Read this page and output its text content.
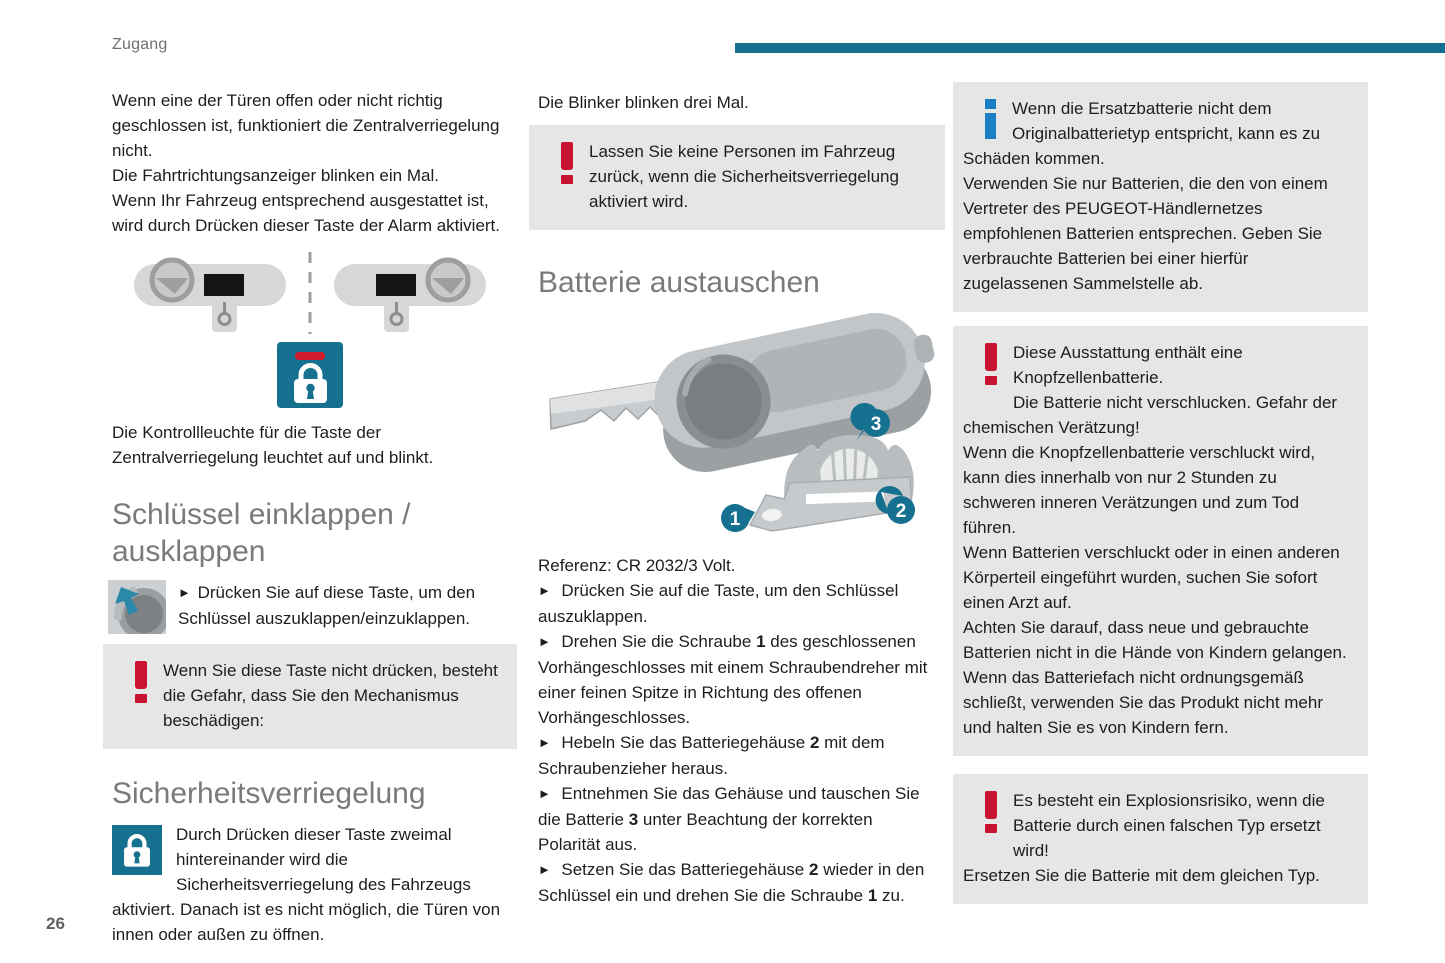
Zugang
Wenn eine der Türen offen oder nicht richtig geschlossen ist, funktioniert die Zentralverriegelung nicht.
Die Fahrtrichtungsanzeiger blinken ein Mal.
Wenn Ihr Fahrzeug entsprechend ausgestattet ist, wird durch Drücken dieser Taste der Alarm aktiviert.
Die Kontrollleuchte für die Taste der Zentralverriegelung leuchtet auf und blinkt.
Schlüssel einklappen / ausklappen
► Drücken Sie auf diese Taste, um den Schlüssel auszuklappen/einzuklappen.
Wenn Sie diese Taste nicht drücken, besteht die Gefahr, dass Sie den Mechanismus beschädigen:
Sicherheitsverriegelung
Durch Drücken dieser Taste zweimal hintereinander wird die Sicherheitsverriegelung des Fahrzeugs aktiviert. Danach ist es nicht möglich, die Türen von innen oder außen zu öffnen.
Die Blinker blinken drei Mal.
Lassen Sie keine Personen im Fahrzeug zurück, wenn die Sicherheitsverriegelung aktiviert wird.
Batterie austauschen
1	2
3
Referenz: CR 2032/3 Volt.
►  Drücken Sie auf die Taste, um den Schlüssel auszuklappen.
►  Drehen Sie die Schraube 1 des geschlossenen Vorhängeschlosses mit einem Schraubendreher mit einer feinen Spitze in Richtung des offenen Vorhängeschlosses.
►  Hebeln Sie das Batteriegehäuse 2 mit dem Schraubenzieher heraus.
►  Entnehmen Sie das Gehäuse und tauschen Sie die Batterie 3 unter Beachtung der korrekten Polarität aus.
►  Setzen Sie das Batteriegehäuse 2 wieder in den Schlüssel ein und drehen Sie die Schraube 1 zu.
Wenn die Ersatzbatterie nicht dem Originalbatterietyp entspricht, kann es zu Schäden kommen.
Verwenden Sie nur Batterien, die den von einem Vertreter des PEUGEOT-Händlernetzes empfohlenen Batterien entsprechen. Geben Sie verbrauchte Batterien bei einer hierfür zugelassenen Sammelstelle ab.
Diese Ausstattung enthält eine Knopfzellenbatterie.
Die Batterie nicht verschlucken. Gefahr der chemischen Verätzung!
Wenn die Knopfzellenbatterie verschluckt wird, kann dies innerhalb von nur 2 Stunden zu schweren inneren Verätzungen und zum Tod führen.
Wenn Batterien verschluckt oder in einen anderen Körperteil eingeführt wurden, suchen Sie sofort einen Arzt auf.
Achten Sie darauf, dass neue und gebrauchte Batterien nicht in die Hände von Kindern gelangen.
Wenn das Batteriefach nicht ordnungsgemäß schließt, verwenden Sie das Produkt nicht mehr und halten Sie es von Kindern fern.
Es besteht ein Explosionsrisiko, wenn die Batterie durch einen falschen Typ ersetzt wird!
Ersetzen Sie die Batterie mit dem gleichen Typ.
26
